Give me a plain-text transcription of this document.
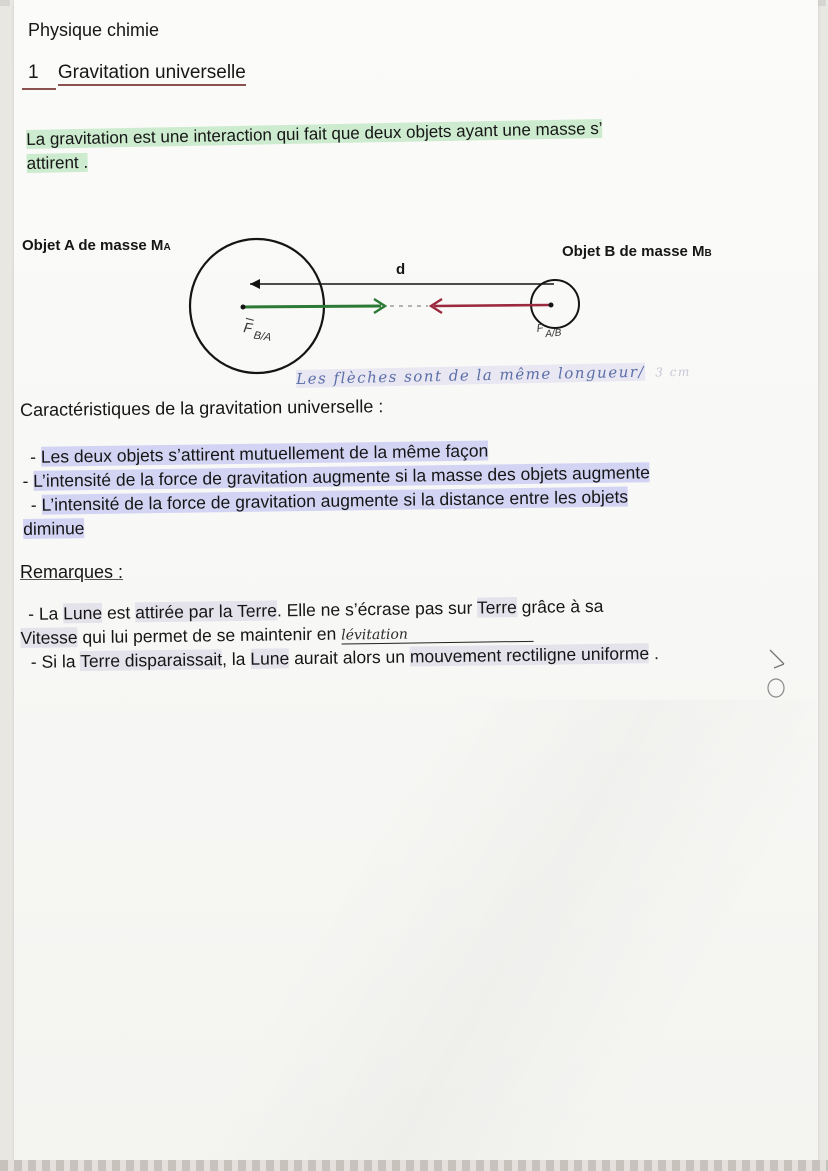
Physique chimie

1 Gravitation universelle
La gravitation est une interaction qui fait que deux objets ayant une masse s’
attirent .
Objet A de masse MA	Objet B de masse MB
d
F
B/A
F A/B
Les flèches sont de la même longueur/ 3 cm

Caractéristiques de la gravitation universelle :

- Les deux objets s’attirent mutuellement de la même façon
- L’intensité de la force de gravitation augmente si la masse des objets augmente
- L’intensité de la force de gravitation augmente si la distance entre les objets
diminue

Remarques :

- La Lune est attirée par la Terre. Elle ne s’écrase pas sur Terre grâce à sa
Vitesse qui lui permet de se maintenir en lévitation
- Si la Terre disparaissait, la Lune aurait alors un mouvement rectiligne uniforme .
